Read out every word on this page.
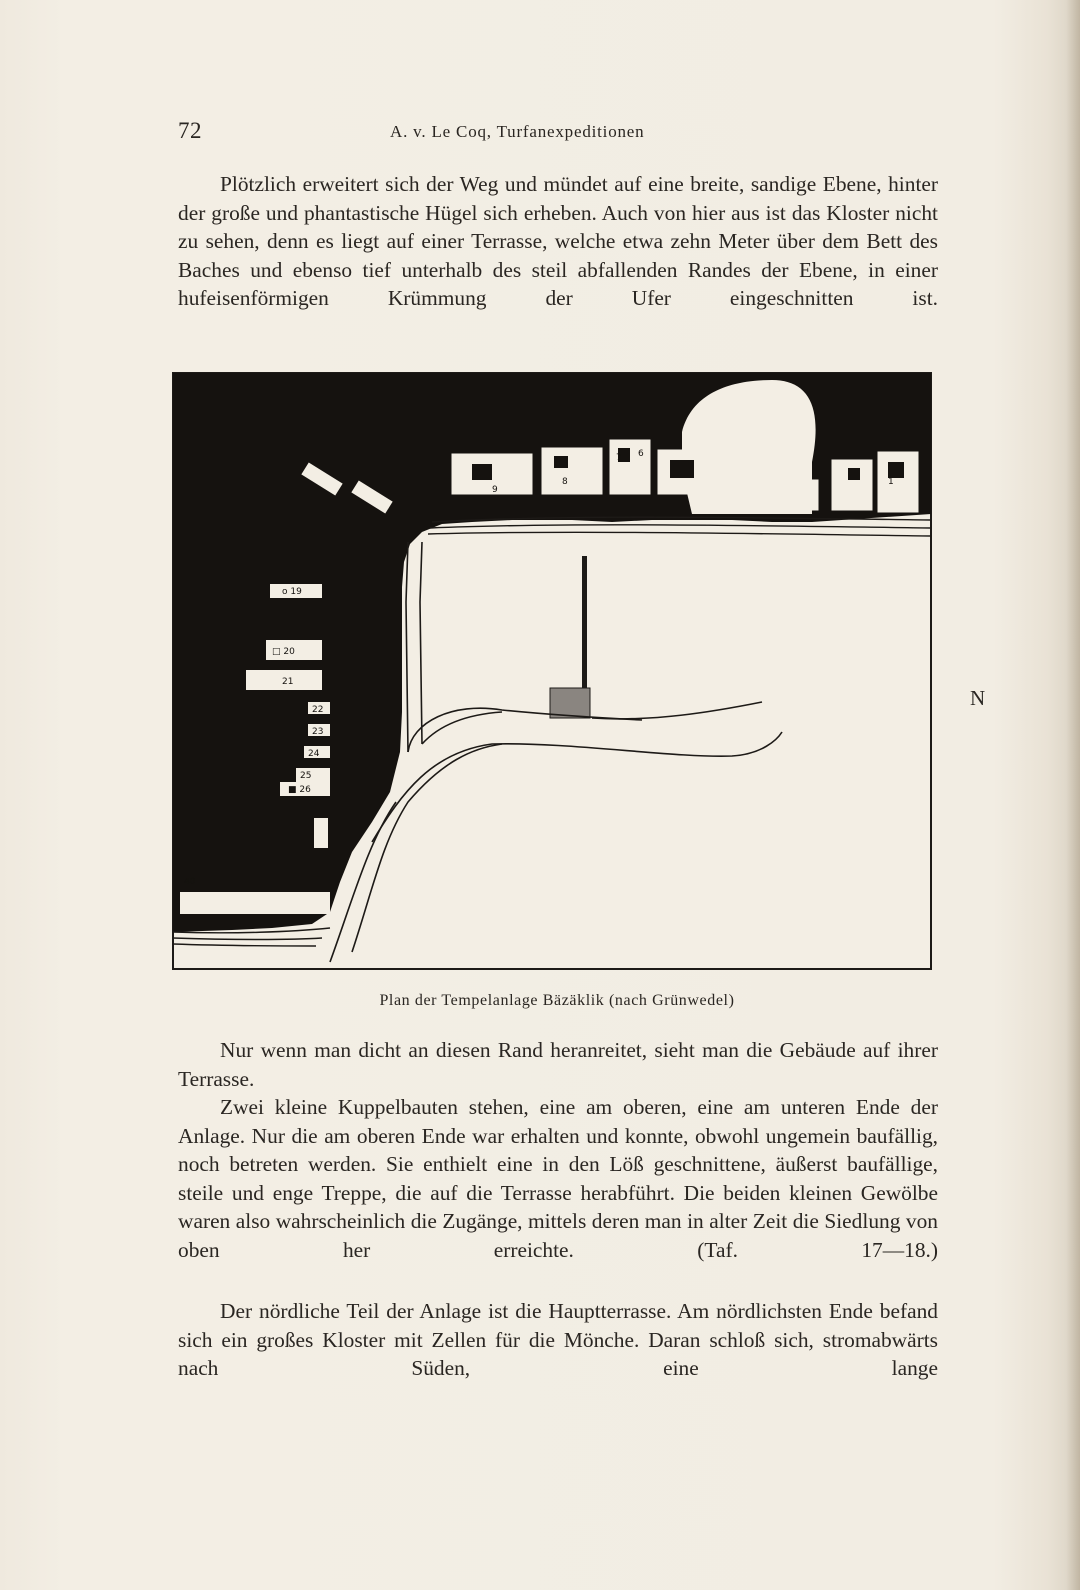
72	A. v. Le Coq, Turfanexpeditionen

Plötzlich erweitert sich der Weg und mündet auf eine breite, sandige Ebene, hinter der große und phantastische Hügel sich erheben. Auch von hier aus ist das Kloster nicht zu sehen, denn es liegt auf einer Terrasse, welche etwa zehn Meter über dem Bett des Baches und ebenso tief unterhalb des steil abfallenden Randes der Ebene, in einer hufeisenförmigen Krümmung der Ufer eingeschnitten ist.

o 19
□ 20
21
22
23
24
25
■ 26
8
9
7 6
1
40
Plan der Tempelanlage Bäzäklik (nach Grünwedel)
N

Nur wenn man dicht an diesen Rand heranreitet, sieht man die Gebäude auf ihrer Terrasse.

Zwei kleine Kuppelbauten stehen, eine am oberen, eine am unteren Ende der Anlage. Nur die am oberen Ende war erhalten und konnte, obwohl ungemein baufällig, noch betreten werden. Sie enthielt eine in den Löß geschnittene, äußerst baufällige, steile und enge Treppe, die auf die Terrasse herabführt. Die beiden kleinen Gewölbe waren also wahrscheinlich die Zugänge, mittels deren man in alter Zeit die Siedlung von oben her erreichte. (Taf. 17—18.)

Der nördliche Teil der Anlage ist die Hauptterrasse. Am nördlichsten Ende befand sich ein großes Kloster mit Zellen für die Mönche. Daran schloß sich, stromabwärts nach Süden, eine lange
